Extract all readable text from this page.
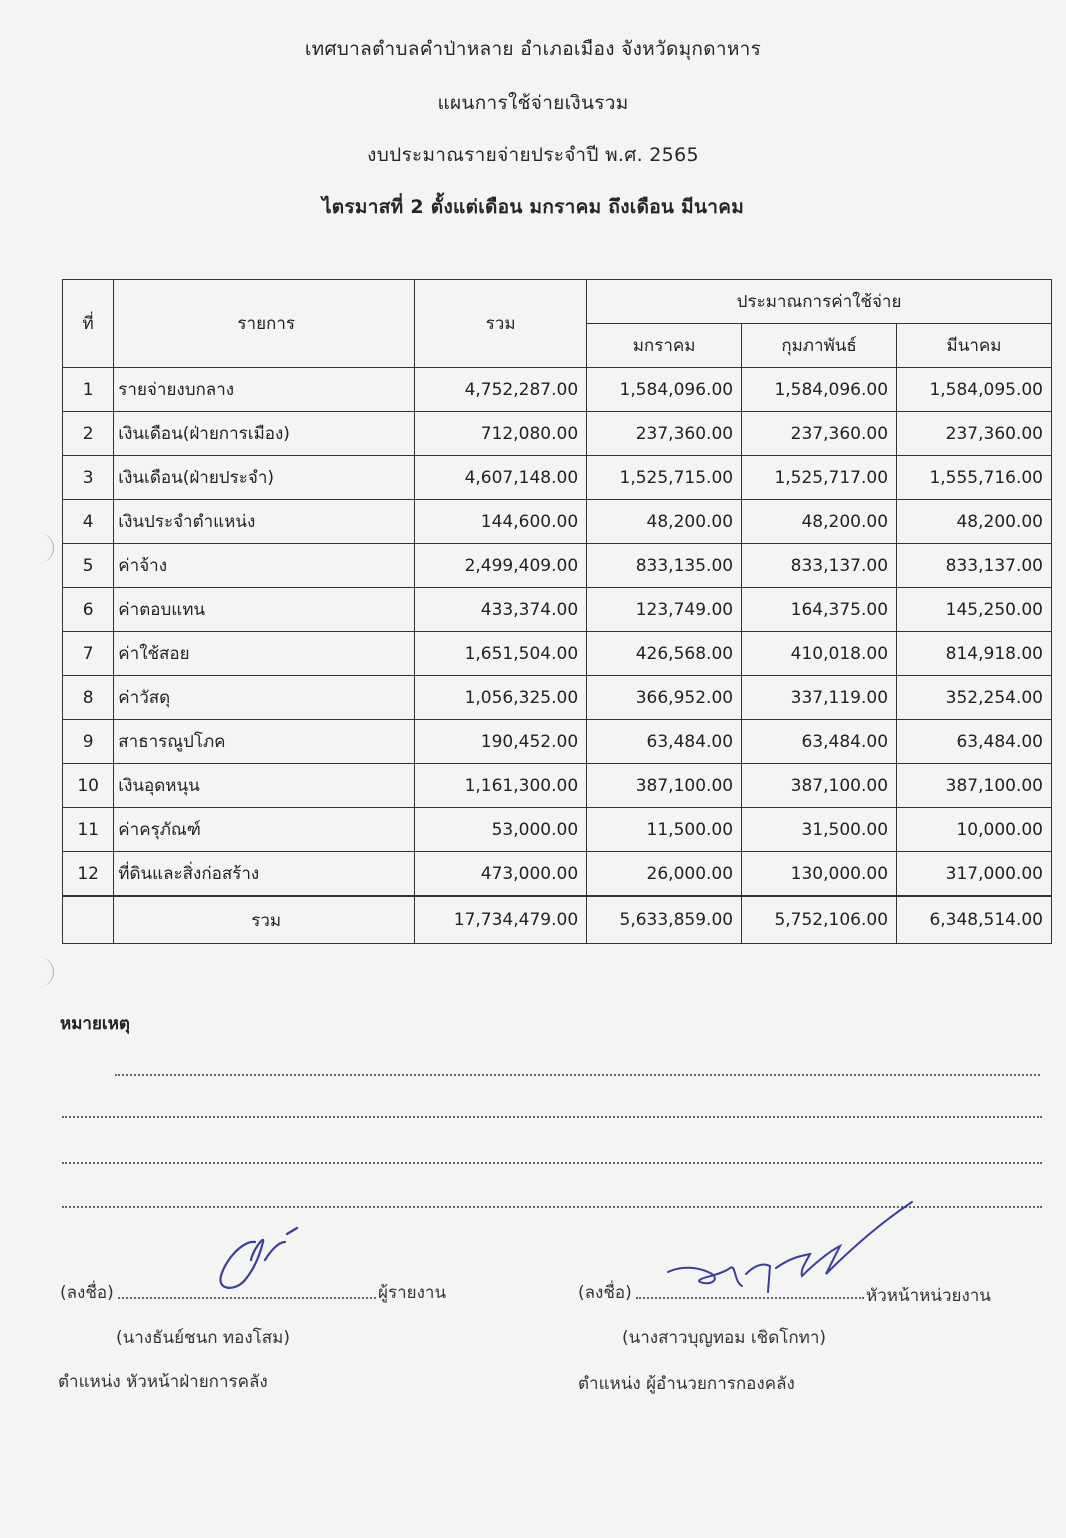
เทศบาลตำบลคำป่าหลาย อำเภอเมือง จังหวัดมุกดาหาร
แผนการใช้จ่ายเงินรวม
งบประมาณรายจ่ายประจำปี พ.ศ. 2565
ไตรมาสที่ 2 ตั้งแต่เดือน มกราคม ถึงเดือน มีนาคม
ที่	รายการ	รวม	ประมาณการค่าใช้จ่าย		
			มกราคม	กุมภาพันธ์	มีนาคม
1	รายจ่ายงบกลาง	4,752,287.00	1,584,096.00	1,584,096.00	1,584,095.00
2	เงินเดือน(ฝ่ายการเมือง)	712,080.00	237,360.00	237,360.00	237,360.00
3	เงินเดือน(ฝ่ายประจำ)	4,607,148.00	1,525,715.00	1,525,717.00	1,555,716.00
4	เงินประจำตำแหน่ง	144,600.00	48,200.00	48,200.00	48,200.00
5	ค่าจ้าง	2,499,409.00	833,135.00	833,137.00	833,137.00
6	ค่าตอบแทน	433,374.00	123,749.00	164,375.00	145,250.00
7	ค่าใช้สอย	1,651,504.00	426,568.00	410,018.00	814,918.00
8	ค่าวัสดุ	1,056,325.00	366,952.00	337,119.00	352,254.00
9	สาธารณูปโภค	190,452.00	63,484.00	63,484.00	63,484.00
10	เงินอุดหนุน	1,161,300.00	387,100.00	387,100.00	387,100.00
11	ค่าครุภัณฑ์	53,000.00	11,500.00	31,500.00	10,000.00
12	ที่ดินและสิ่งก่อสร้าง	473,000.00	26,000.00	130,000.00	317,000.00
	รวม	17,734,479.00	5,633,859.00	5,752,106.00	6,348,514.00
หมายเหตุ
(ลงชื่อ)	ผู้รายงาน
(นางธันย์ชนก ทองโสม)
ตำแหน่ง หัวหน้าฝ่ายการคลัง
(ลงชื่อ)	หัวหน้าหน่วยงาน
(นางสาวบุญทอม เชิดโกทา)
ตำแหน่ง ผู้อำนวยการกองคลัง
